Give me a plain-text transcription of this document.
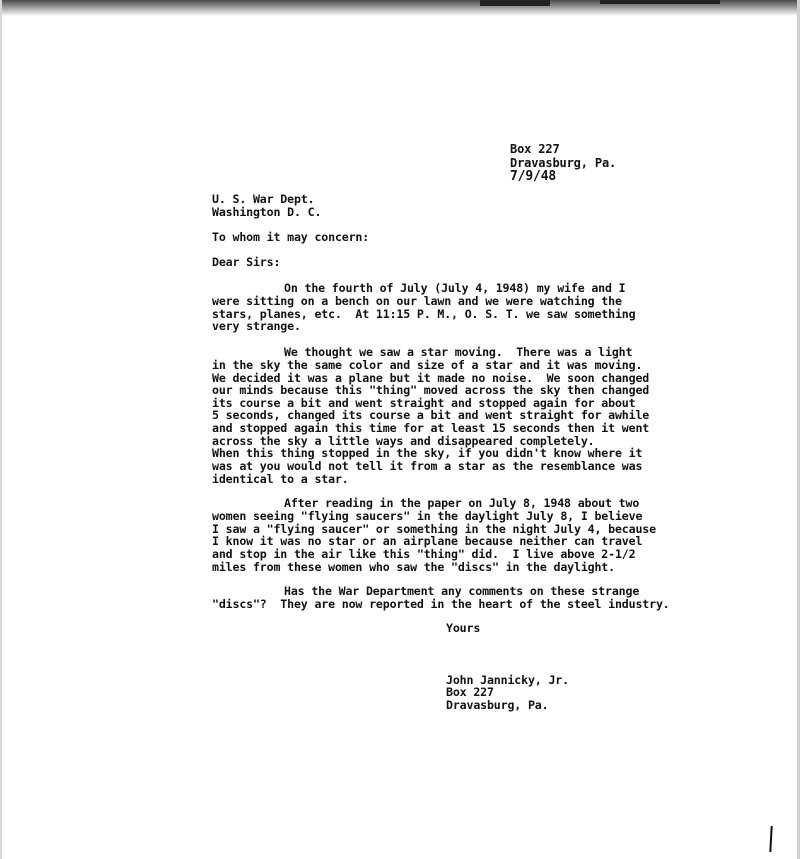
Box 227
Dravasburg, Pa.
7/9/48
U. S. War Dept.
Washington D. C.
To whom it may concern:
Dear Sirs:
On the fourth of July (July 4, 1948) my wife and I
were sitting on a bench on our lawn and we were watching the
stars, planes, etc.  At 11:15 P. M., O. S. T. we saw something
very strange.
We thought we saw a star moving.  There was a light
in the sky the same color and size of a star and it was moving.
We decided it was a plane but it made no noise.  We soon changed
our minds because this "thing" moved across the sky then changed
its course a bit and went straight and stopped again for about
5 seconds, changed its course a bit and went straight for awhile
and stopped again this time for at least 15 seconds then it went
across the sky a little ways and disappeared completely.
When this thing stopped in the sky, if you didn't know where it
was at you would not tell it from a star as the resemblance was
identical to a star.
After reading in the paper on July 8, 1948 about two
women seeing "flying saucers" in the daylight July 8, I believe
I saw a "flying saucer" or something in the night July 4, because
I know it was no star or an airplane because neither can travel
and stop in the air like this "thing" did.  I live above 2-1/2
miles from these women who saw the "discs" in the daylight.
Has the War Department any comments on these strange
"discs"?  They are now reported in the heart of the steel industry.
Yours
John Jannicky, Jr.
Box 227
Dravasburg, Pa.
